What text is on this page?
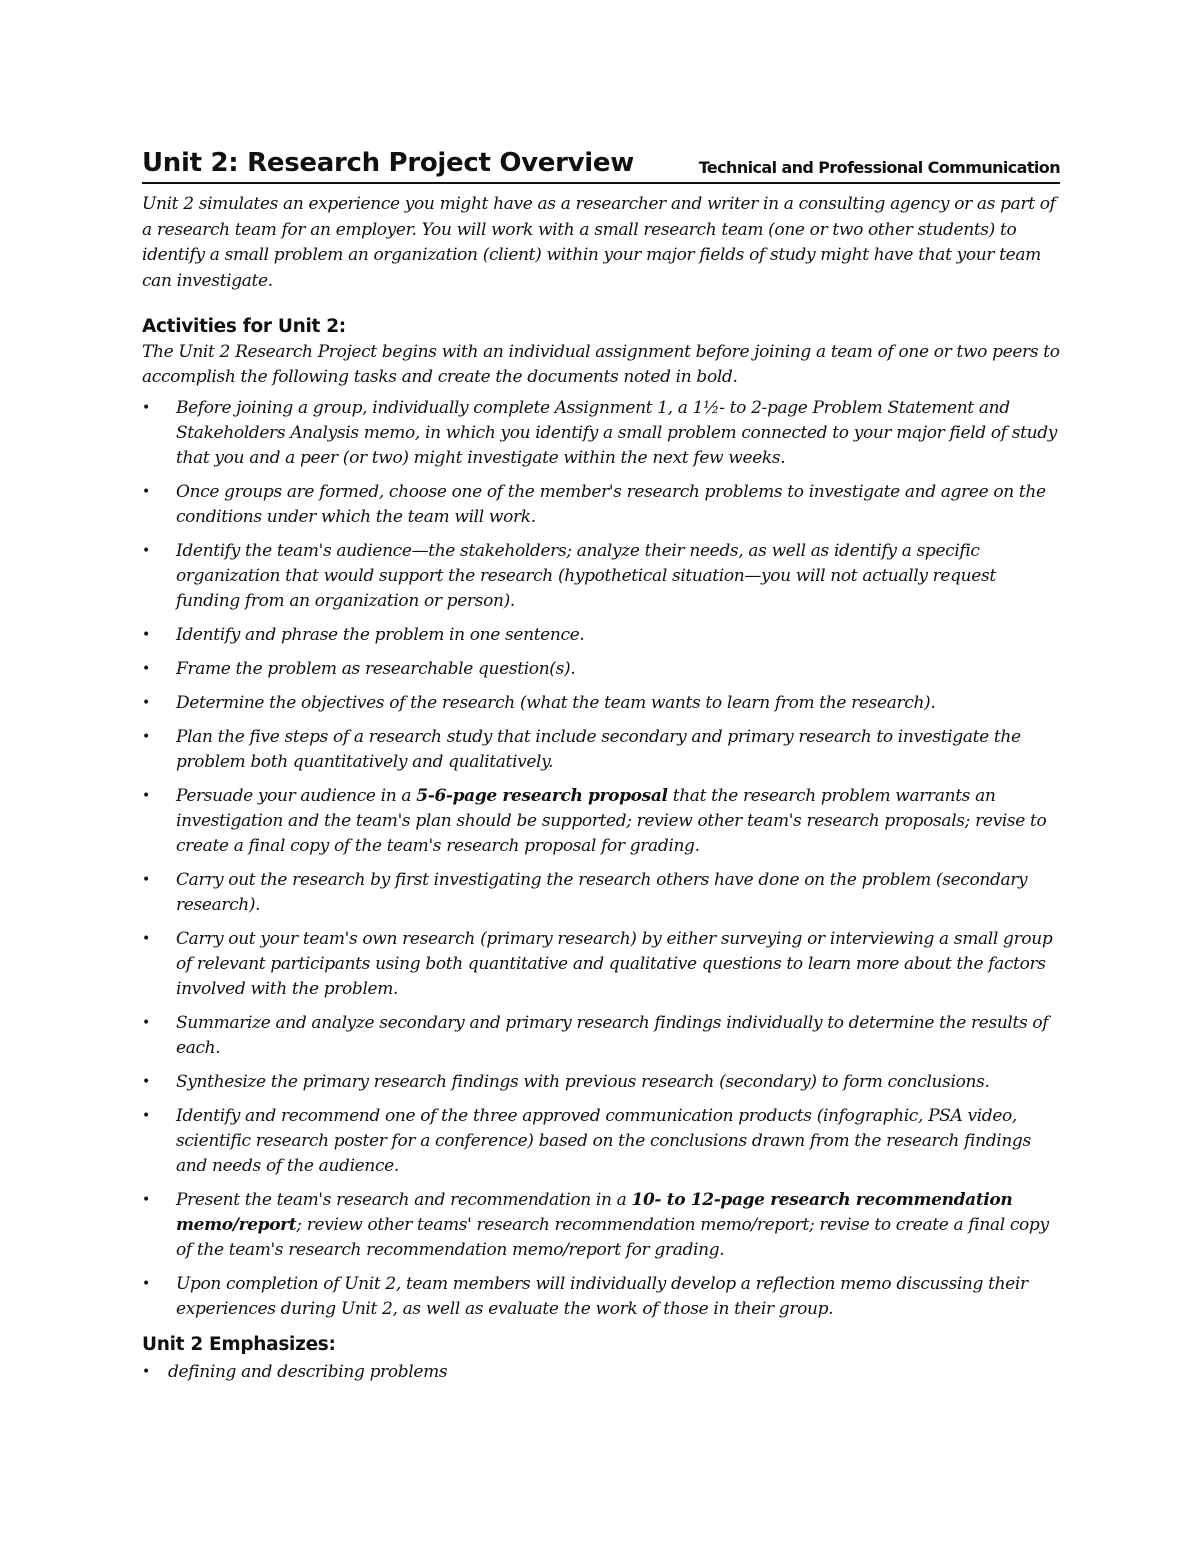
Unit 2: Research Project Overview	Technical and Professional Communication
Unit 2 simulates an experience you might have as a researcher and writer in a consulting agency or as part of a research team for an employer. You will work with a small research team (one or two other students) to identify a small problem an organization (client) within your major fields of study might have that your team can investigate.
Activities for Unit 2:
The Unit 2 Research Project begins with an individual assignment before joining a team of one or two peers to accomplish the following tasks and create the documents noted in bold.
• Before joining a group, individually complete Assignment 1, a 1½- to 2-page Problem Statement and Stakeholders Analysis memo, in which you identify a small problem connected to your major field of study that you and a peer (or two) might investigate within the next few weeks.
• Once groups are formed, choose one of the member's research problems to investigate and agree on the conditions under which the team will work.
• Identify the team's audience—the stakeholders; analyze their needs, as well as identify a specific organization that would support the research (hypothetical situation—you will not actually request funding from an organization or person).
• Identify and phrase the problem in one sentence.
• Frame the problem as researchable question(s).
• Determine the objectives of the research (what the team wants to learn from the research).
• Plan the five steps of a research study that include secondary and primary research to investigate the problem both quantitatively and qualitatively.
• Persuade your audience in a 5-6-page research proposal that the research problem warrants an investigation and the team's plan should be supported; review other team's research proposals; revise to create a final copy of the team's research proposal for grading.
• Carry out the research by first investigating the research others have done on the problem (secondary research).
• Carry out your team's own research (primary research) by either surveying or interviewing a small group of relevant participants using both quantitative and qualitative questions to learn more about the factors involved with the problem.
• Summarize and analyze secondary and primary research findings individually to determine the results of each.
• Synthesize the primary research findings with previous research (secondary) to form conclusions.
• Identify and recommend one of the three approved communication products (infographic, PSA video, scientific research poster for a conference) based on the conclusions drawn from the research findings and needs of the audience.
• Present the team's research and recommendation in a 10- to 12-page research recommendation memo/report; review other teams' research recommendation memo/report; revise to create a final copy of the team's research recommendation memo/report for grading.
• Upon completion of Unit 2, team members will individually develop a reflection memo discussing their experiences during Unit 2, as well as evaluate the work of those in their group.
Unit 2 Emphasizes:
• defining and describing problems
